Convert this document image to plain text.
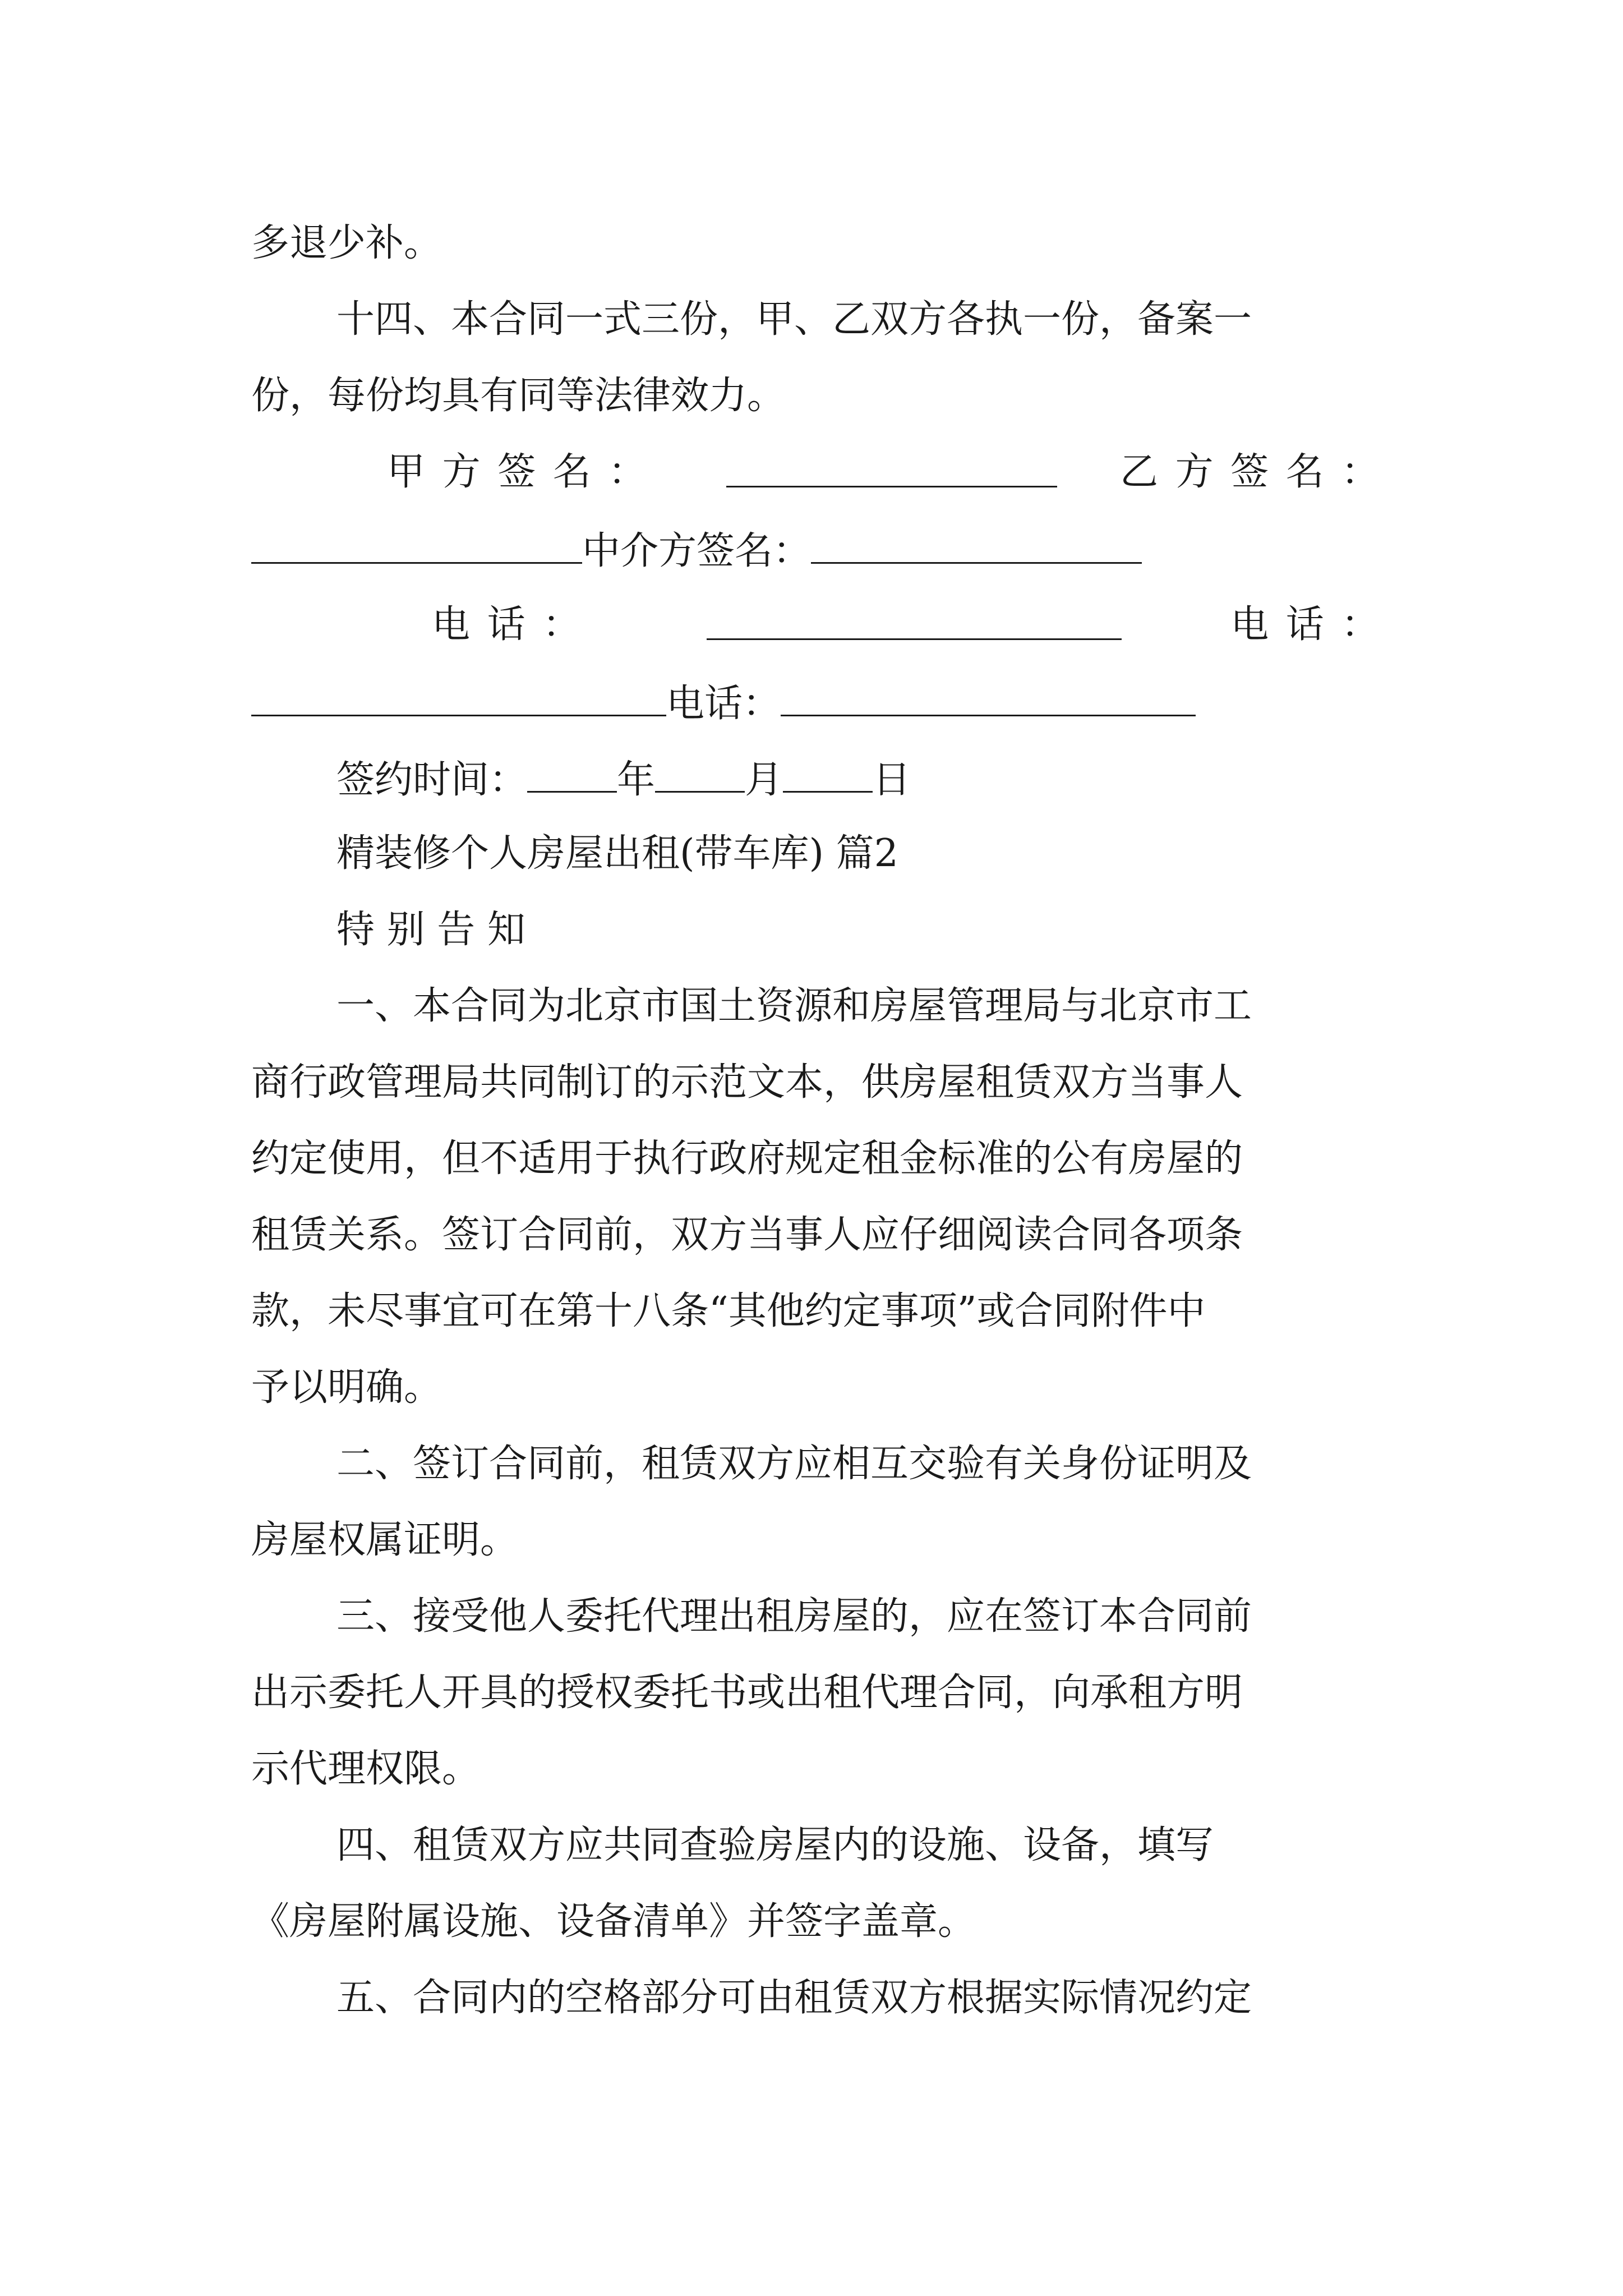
多退少补。
十四、本合同一式三份，甲、乙双方各执一份，备案一
份，每份均具有同等法律效力。
甲方签名：	乙方签名：
中介方签名：
电话：	电话：
电话：
签约时间： 年 月 日
精装修个人房屋出租(带车库) 篇2
特 别 告 知
一、本合同为北京市国土资源和房屋管理局与北京市工
商行政管理局共同制订的示范文本，供房屋租赁双方当事人
约定使用，但不适用于执行政府规定租金标准的公有房屋的
租赁关系。签订合同前，双方当事人应仔细阅读合同各项条
款，未尽事宜可在第十八条“其他约定事项”或合同附件中
予以明确。
二、签订合同前，租赁双方应相互交验有关身份证明及
房屋权属证明。
三、接受他人委托代理出租房屋的，应在签订本合同前
出示委托人开具的授权委托书或出租代理合同，向承租方明
示代理权限。
四、租赁双方应共同查验房屋内的设施、设备，填写
《房屋附属设施、设备清单》并签字盖章。
五、合同内的空格部分可由租赁双方根据实际情况约定
